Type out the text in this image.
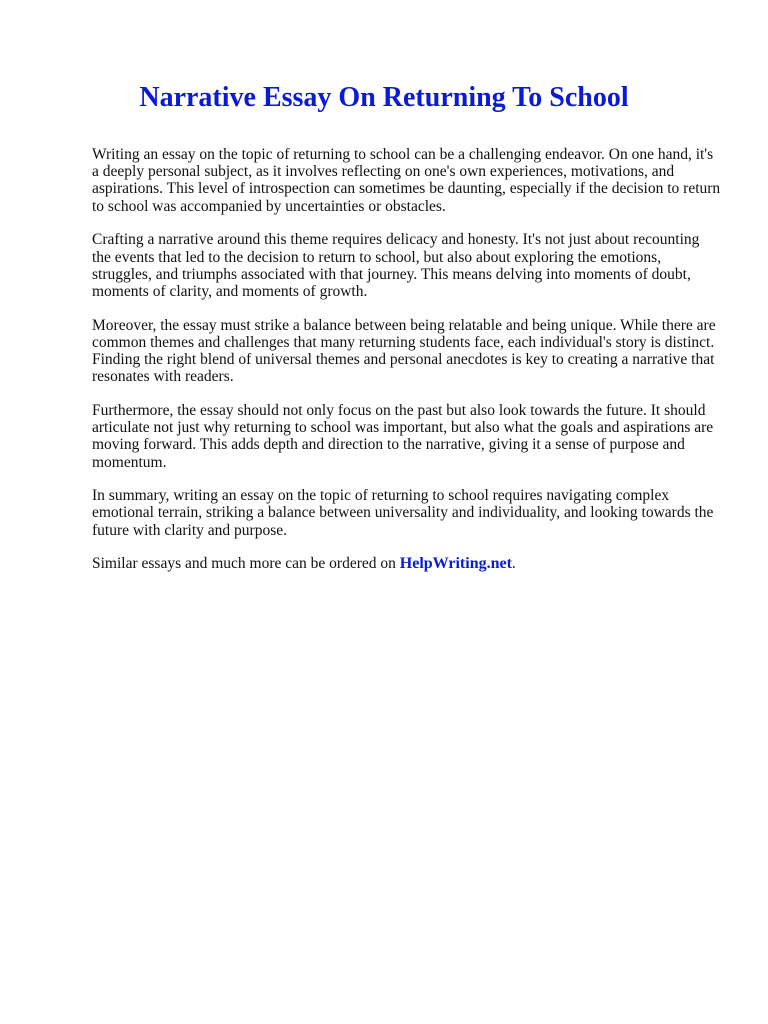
Narrative Essay On Returning To School

Writing an essay on the topic of returning to school can be a challenging endeavor. On one hand, it's a deeply personal subject, as it involves reflecting on one's own experiences, motivations, and aspirations. This level of introspection can sometimes be daunting, especially if the decision to return to school was accompanied by uncertainties or obstacles.

Crafting a narrative around this theme requires delicacy and honesty. It's not just about recounting the events that led to the decision to return to school, but also about exploring the emotions, struggles, and triumphs associated with that journey. This means delving into moments of doubt, moments of clarity, and moments of growth.

Moreover, the essay must strike a balance between being relatable and being unique. While there are common themes and challenges that many returning students face, each individual's story is distinct. Finding the right blend of universal themes and personal anecdotes is key to creating a narrative that resonates with readers.

Furthermore, the essay should not only focus on the past but also look towards the future. It should articulate not just why returning to school was important, but also what the goals and aspirations are moving forward. This adds depth and direction to the narrative, giving it a sense of purpose and momentum.

In summary, writing an essay on the topic of returning to school requires navigating complex emotional terrain, striking a balance between universality and individuality, and looking towards the future with clarity and purpose.

Similar essays and much more can be ordered on HelpWriting.net.
